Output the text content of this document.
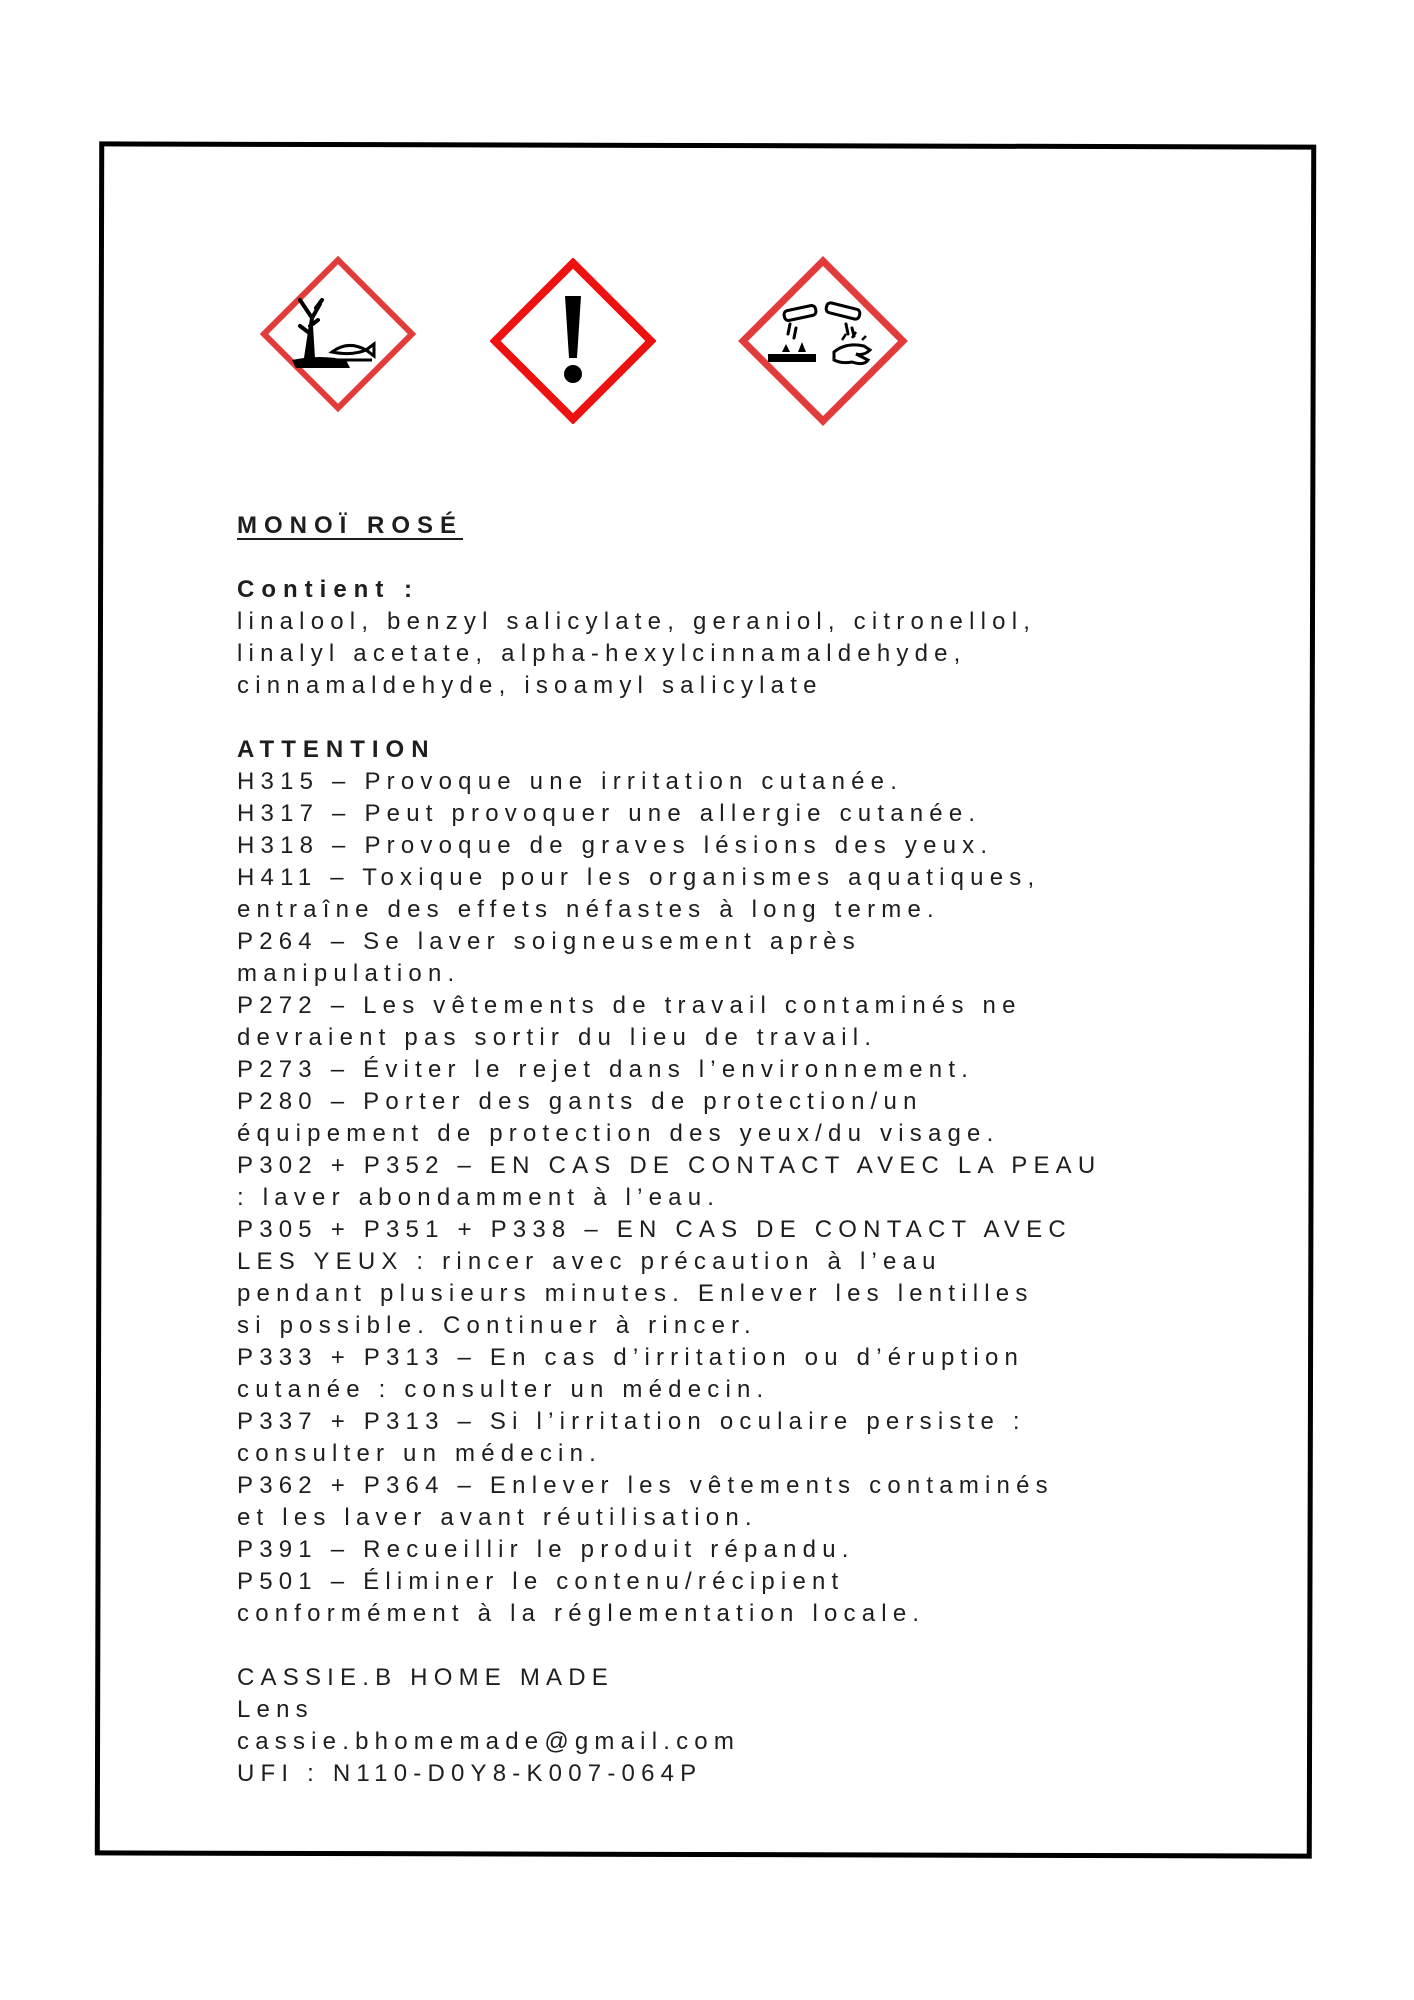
MONOÏ ROSÉ
Contient :
linalool, benzyl salicylate, geraniol, citronellol,
linalyl acetate, alpha-hexylcinnamaldehyde,
cinnamaldehyde, isoamyl salicylate
ATTENTION
H315 – Provoque une irritation cutanée.
H317 – Peut provoquer une allergie cutanée.
H318 – Provoque de graves lésions des yeux.
H411 – Toxique pour les organismes aquatiques,
entraîne des effets néfastes à long terme.
P264 – Se laver soigneusement après
manipulation.
P272 – Les vêtements de travail contaminés ne
devraient pas sortir du lieu de travail.
P273 – Éviter le rejet dans l’environnement.
P280 – Porter des gants de protection/un
équipement de protection des yeux/du visage.
P302 + P352 – EN CAS DE CONTACT AVEC LA PEAU
: laver abondamment à l’eau.
P305 + P351 + P338 – EN CAS DE CONTACT AVEC
LES YEUX : rincer avec précaution à l’eau
pendant plusieurs minutes. Enlever les lentilles
si possible. Continuer à rincer.
P333 + P313 – En cas d’irritation ou d’éruption
cutanée : consulter un médecin.
P337 + P313 – Si l’irritation oculaire persiste :
consulter un médecin.
P362 + P364 – Enlever les vêtements contaminés
et les laver avant réutilisation.
P391 – Recueillir le produit répandu.
P501 – Éliminer le contenu/récipient
conformément à la réglementation locale.
CASSIE.B HOME MADE
Lens
cassie.bhomemade@gmail.com
UFI : N110-D0Y8-K007-064P
